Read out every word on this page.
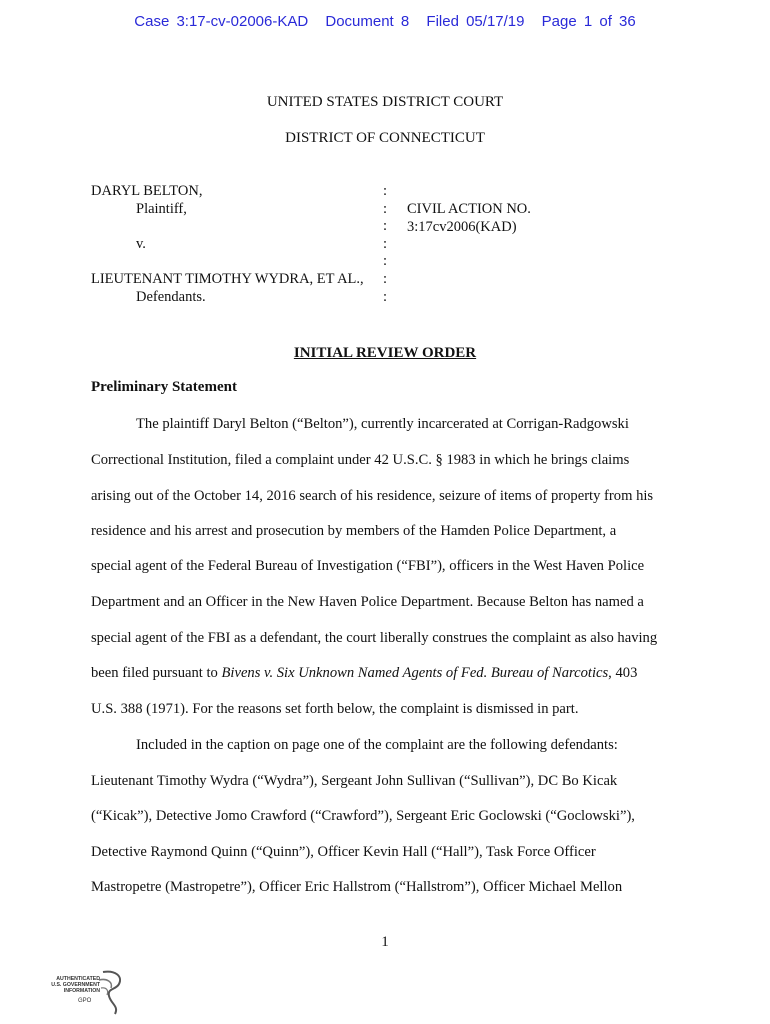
Case 3:17-cv-02006-KAD Document 8 Filed 05/17/19 Page 1 of 36
UNITED STATES DISTRICT COURT
DISTRICT OF CONNECTICUT
DARYL BELTON,
Plaintiff,

v.

LIEUTENANT TIMOTHY WYDRA, ET AL.,
Defendants.
:
:
:
:
:
:
:
CIVIL ACTION NO.
3:17cv2006(KAD)
INITIAL REVIEW ORDER
Preliminary Statement
The plaintiff Daryl Belton (“Belton”), currently incarcerated at Corrigan-Radgowski
Correctional Institution, filed a complaint under 42 U.S.C. § 1983 in which he brings claims
arising out of the October 14, 2016 search of his residence, seizure of items of property from his
residence and his arrest and prosecution by members of the Hamden Police Department, a
special agent of the Federal Bureau of Investigation (“FBI”), officers in the West Haven Police
Department and an Officer in the New Haven Police Department. Because Belton has named a
special agent of the FBI as a defendant, the court liberally construes the complaint as also having
been filed pursuant to Bivens v. Six Unknown Named Agents of Fed. Bureau of Narcotics, 403
U.S. 388 (1971). For the reasons set forth below, the complaint is dismissed in part.
Included in the caption on page one of the complaint are the following defendants:
Lieutenant Timothy Wydra (“Wydra”), Sergeant John Sullivan (“Sullivan”), DC Bo Kicak
(“Kicak”), Detective Jomo Crawford (“Crawford”), Sergeant Eric Goclowski (“Goclowski”),
Detective Raymond Quinn (“Quinn”), Officer Kevin Hall (“Hall”), Task Force Officer
Mastropetre (Mastropetre”), Officer Eric Hallstrom (“Hallstrom”), Officer Michael Mellon
1
AUTHENTICATED
U.S. GOVERNMENT
INFORMATION
GPO
